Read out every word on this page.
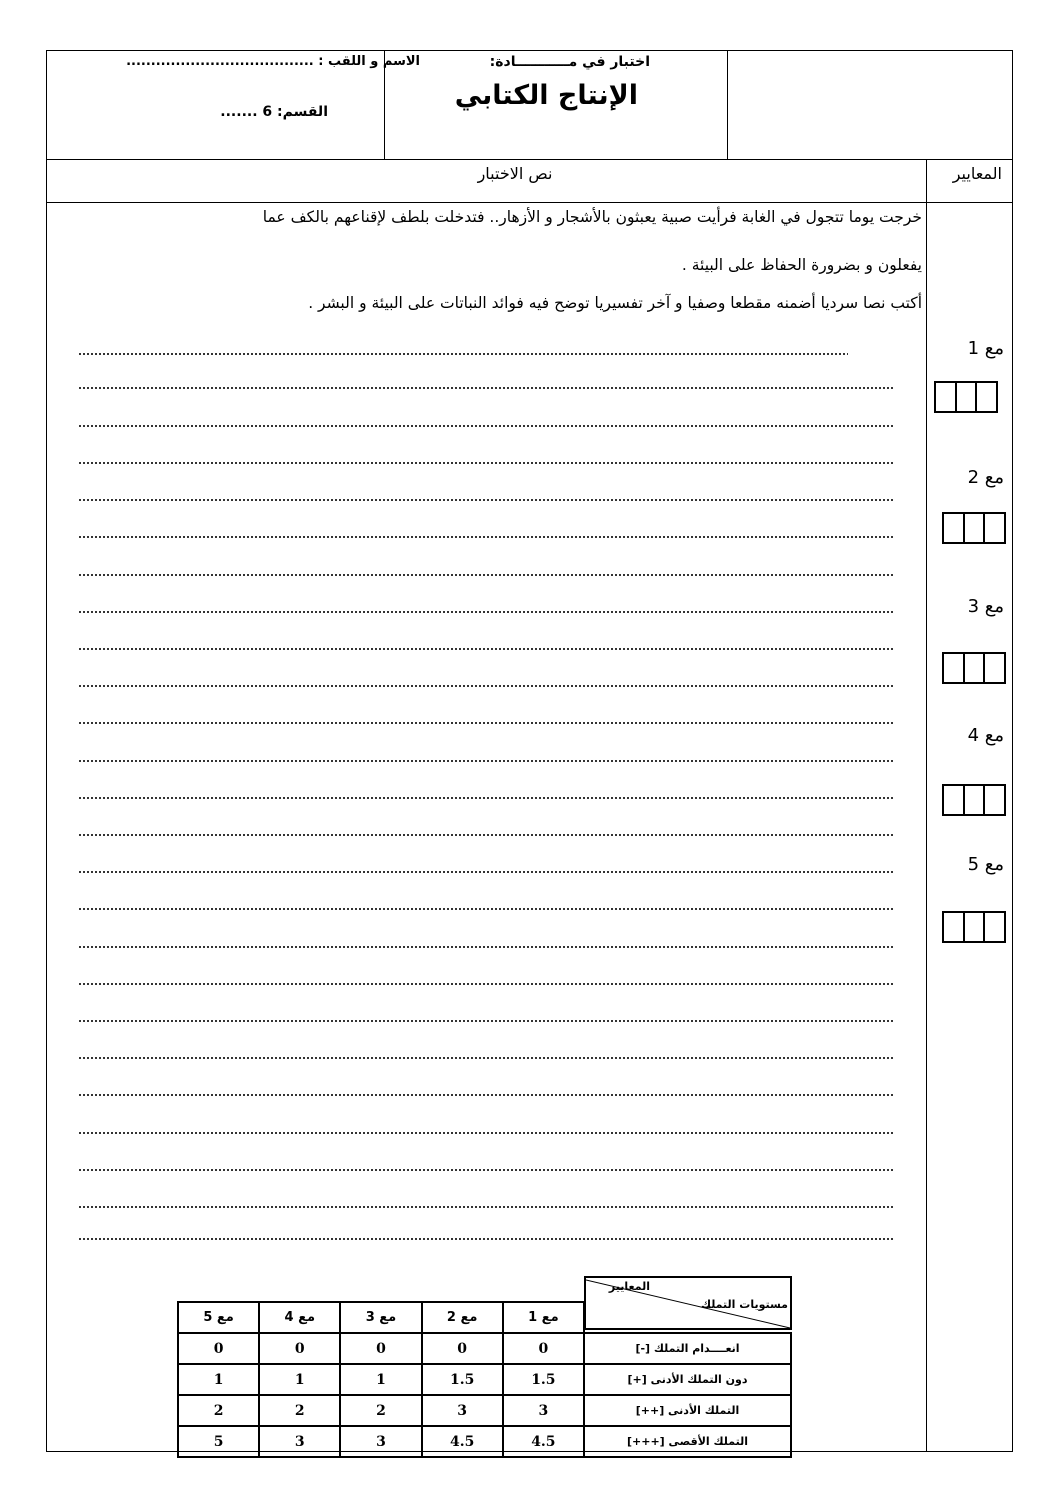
الاسم و اللقب : ......................................
القسم: 6 .......
اختبار في مـــــــــــادة:
الإنتاج الكتابي
المعايير
نص الاختبار
خرجت يوما تتجول في الغابة فرأيت صبية يعبثون بالأشجار و الأزهار.. فتدخلت بلطف لإقناعهم بالكف عما
يفعلون و بضرورة الحفاظ على البيئة .
أكتب نصا سرديا أضمنه مقطعا وصفيا و آخر تفسيريا توضح فيه فوائد النباتات على البيئة و البشر .
مع 1
مع 2
مع 3
مع 4
مع 5
المعايير
مستويات التملك
مع 5	مع 4	مع 3	مع 2	مع 1	
0	0	0	0	0	انعــــدام التملك [-]
1	1	1	1.5	1.5	دون التملك الأدنى [+]
2	2	2	3	3	التملك الأدنى [++]
5	3	3	4.5	4.5	التملك الأقصى [+++]
